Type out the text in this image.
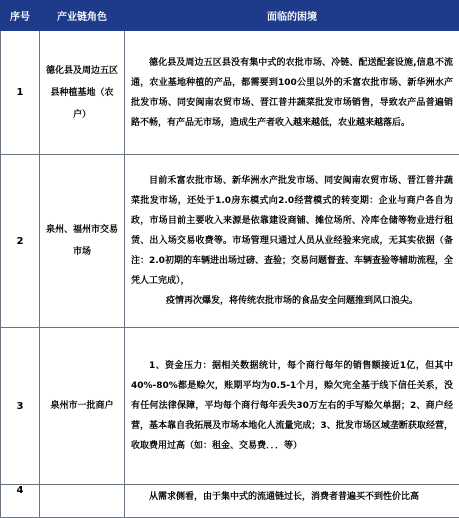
序号	产业链角色	面临的困境
1	德化县及周边五区县种植基地（农户）	德化县及周边五区县没有集中式的农批市场、冷链、配送配套设施,信息不流通，农业基地种植的产品，都需要到100公里以外的禾富农批市场、新华洲水产批发市场、同安闽南农贸市场、晋江普井蔬菜批发市场销售，导致农产品普遍销路不畅，有产品无市场，造成生产者收入越来越低，农业越来越落后。

2	泉州、福州市交易市场	目前禾富农批市场、新华洲水产批发市场、同安闽南农贸市场、晋江普井蔬菜批发市场，还处于1.0房东模式向2.0经营模式的转变期：企业与商户各自为政，市场目前主要收入来源是依靠建设商铺、摊位场所、冷库仓储等物业进行租赁、出入场交易收费等。市场管理只通过人员从业经验来完成，无其实依据（备注：2.0初期的车辆进出场过磅、查验；交易问题督查、车辆查验等辅助流程，全凭人工完成），
疫情再次爆发，将传统农批市场的食品安全问题推到风口浪尖。

3	泉州市一批商户	1、资金压力：据相关数据统计，每个商行每年的销售额接近1亿，但其中40%-80%都是赊欠，账期平均为0.5-1个月，赊欠完全基于线下信任关系，没有任何法律保障，平均每个商行每年丢失30万左右的手写赊欠单据；2、商户经营，基本靠自我拓展及市场本地化人流量完成；3、批发市场区域垄断获取经营，收取费用过高（如：租金、交易费．．．等）

4		从需求侧看，由于集中式的流通链过长，消费者普遍买不到性价比高
